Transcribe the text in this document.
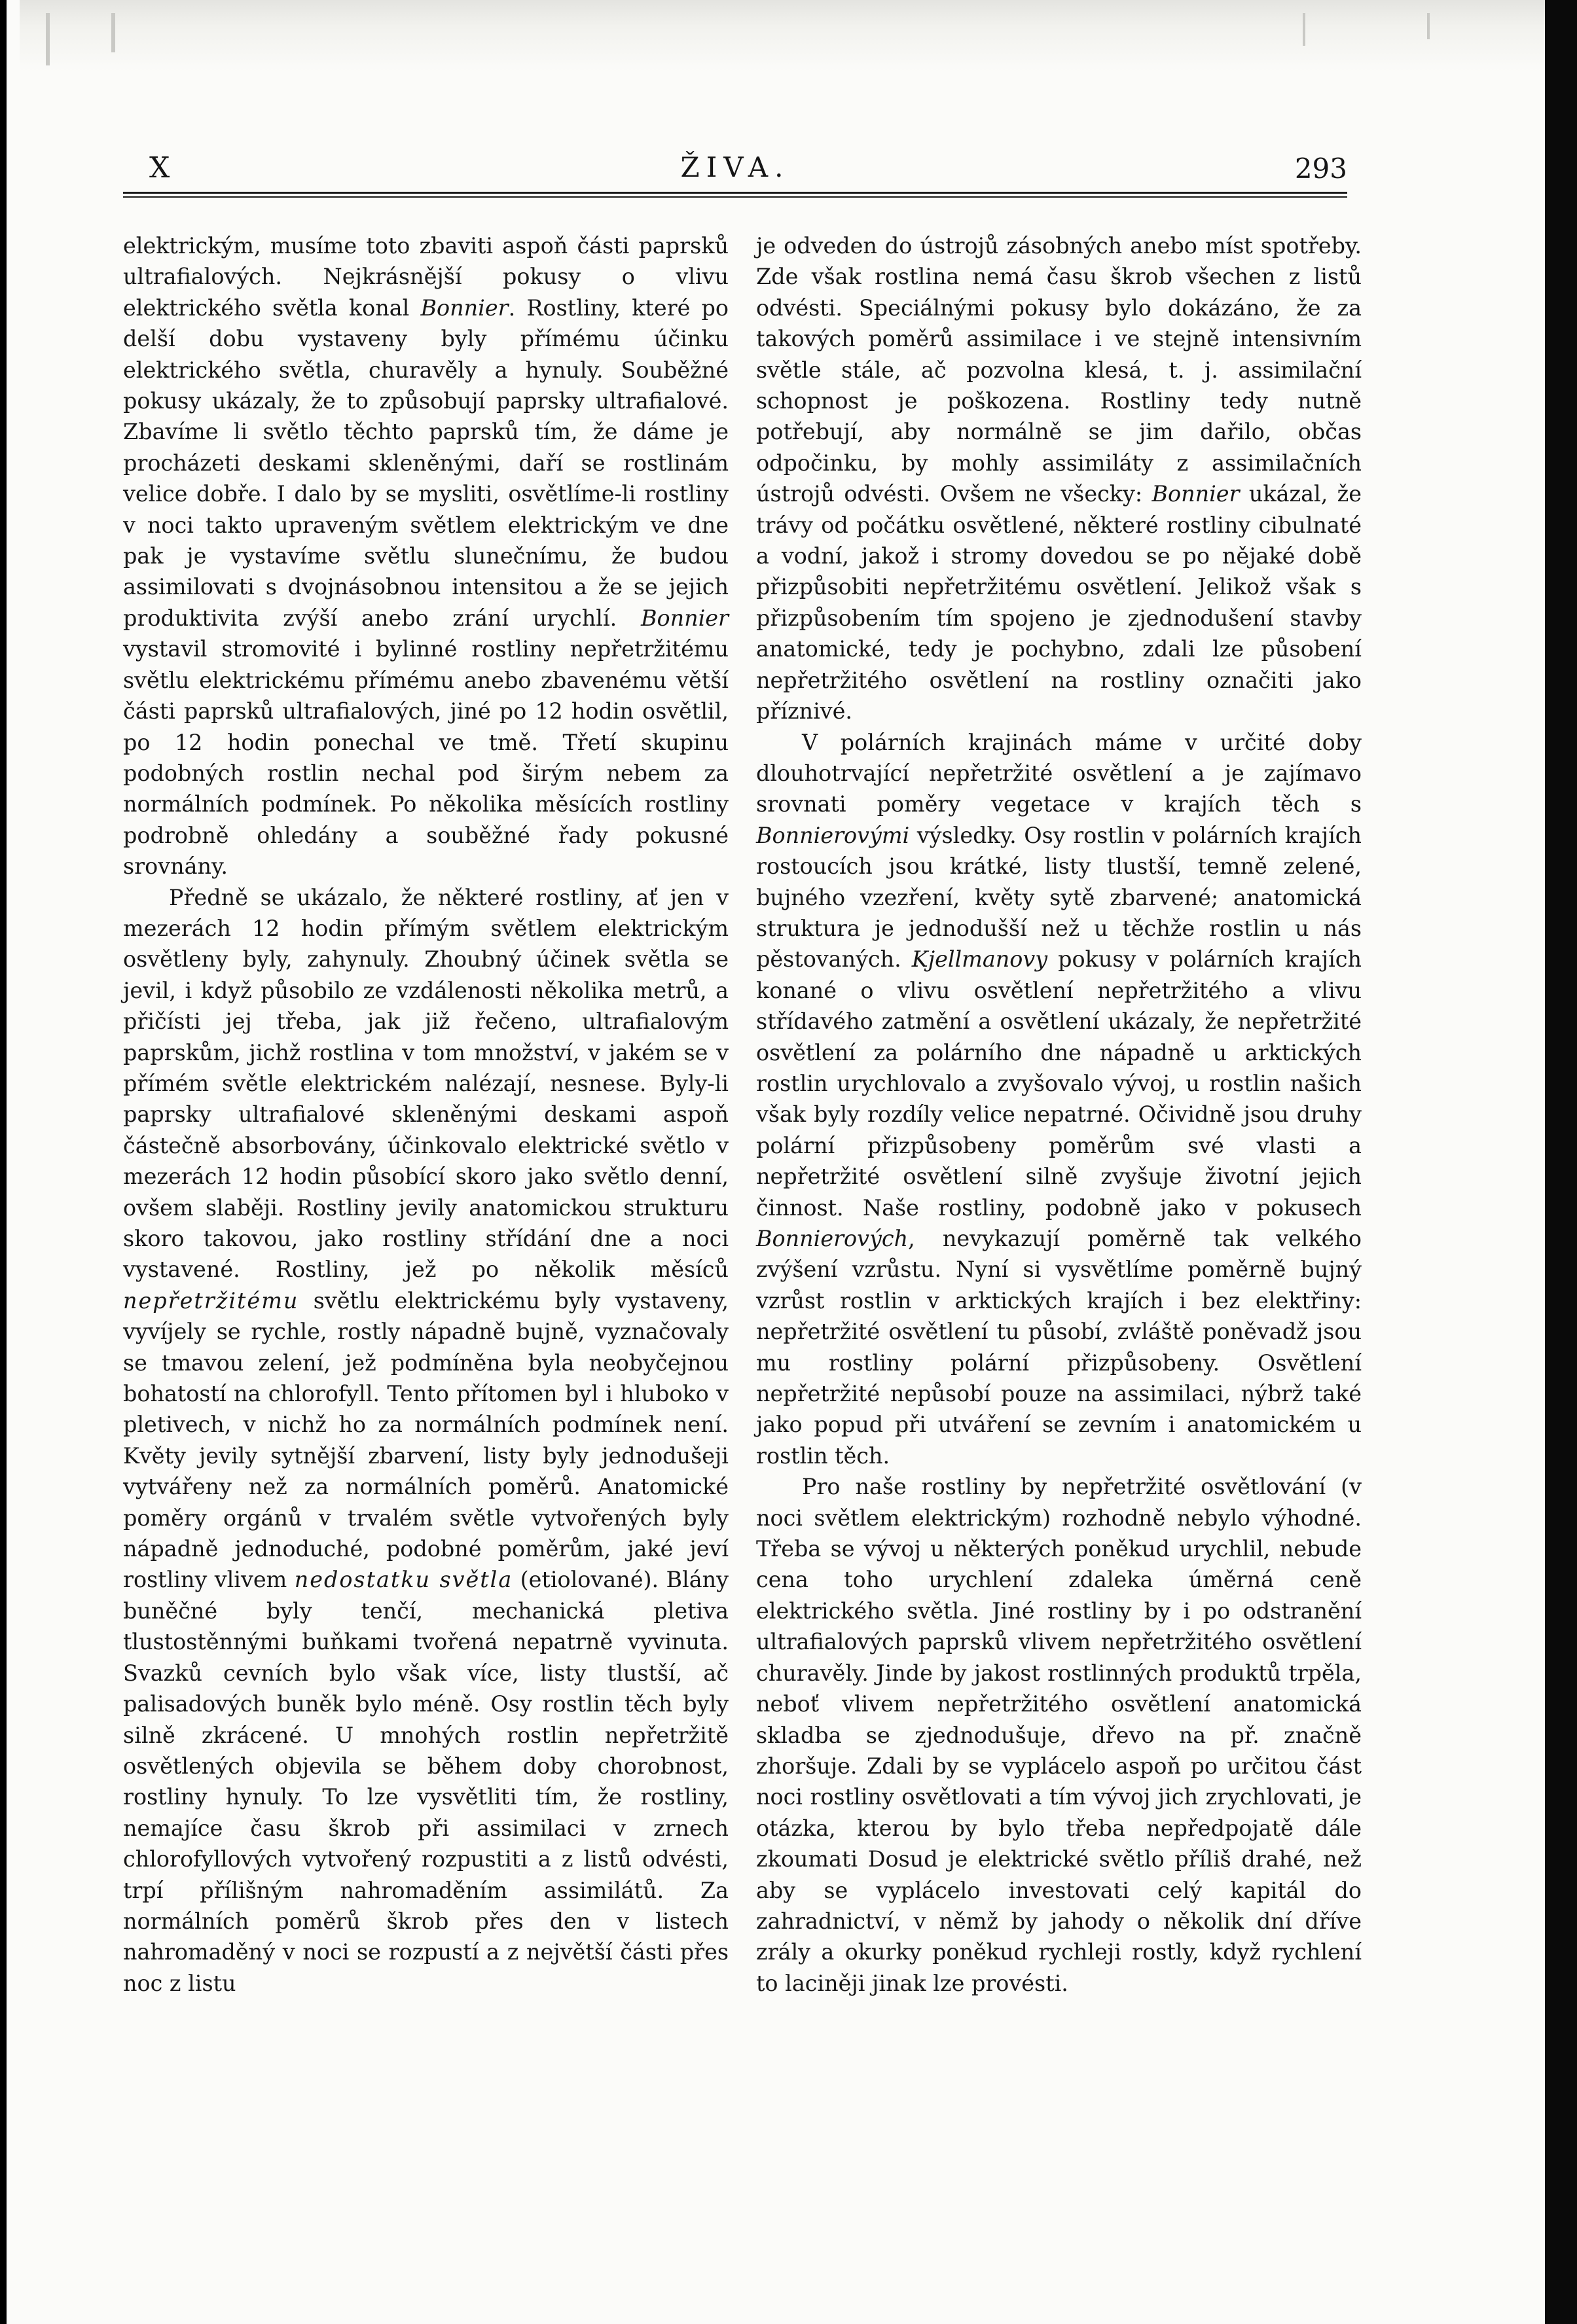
X	ŽIVA.	293

elektrickým, musíme toto zbaviti aspoň části paprsků ultrafialových. Nejkrásnější pokusy o vlivu elektrického světla konal Bonnier. Rostliny, které po delší dobu vystaveny byly přímému účinku elektrického světla, churavěly a hynuly. Souběžné pokusy ukázaly, že to způsobují paprsky ultrafialové. Zbavíme li světlo těchto paprsků tím, že dáme je procházeti deskami skleněnými, daří se rostlinám velice dobře. I dalo by se mysliti, osvětlíme-li rostliny v noci takto upraveným světlem elektrickým ve dne pak je vystavíme světlu slunečnímu, že budou assimilovati s dvojnásobnou intensitou a že se jejich produktivita zvýší anebo zrání urychlí. Bonnier vystavil stromovité i bylinné rostliny nepřetržitému světlu elektrickému přímému anebo zbavenému větší části paprsků ultrafialových, jiné po 12 hodin osvětlil, po 12 hodin ponechal ve tmě. Třetí skupinu podobných rostlin nechal pod širým nebem za normálních podmínek. Po několika měsících rostliny podrobně ohledány a souběžné řady pokusné srovnány.

Předně se ukázalo, že některé rostliny, ať jen v mezerách 12 hodin přímým světlem elektrickým osvětleny byly, zahynuly. Zhoubný účinek světla se jevil, i když působilo ze vzdálenosti několika metrů, a přičísti jej třeba, jak již řečeno, ultrafialovým paprskům, jichž rostlina v tom množství, v jakém se v přímém světle elektrickém nalézají, nesnese. Byly-li paprsky ultrafialové skleněnými deskami aspoň částečně absorbovány, účinkovalo elektrické světlo v mezerách 12 hodin působící skoro jako světlo denní, ovšem slaběji. Rostliny jevily anatomickou strukturu skoro takovou, jako rostliny střídání dne a noci vystavené. Rostliny, jež po několik měsíců nepřetržitému světlu elektrickému byly vystaveny, vyvíjely se rychle, rostly nápadně bujně, vyznačovaly se tmavou zelení, jež podmíněna byla neobyčejnou bohatostí na chlorofyll. Tento přítomen byl i hluboko v pletivech, v nichž ho za normálních podmínek není. Květy jevily sytnější zbarvení, listy byly jednodušeji vytvářeny než za normálních poměrů. Anatomické poměry orgánů v trvalém světle vytvořených byly nápadně jednoduché, podobné poměrům, jaké jeví rostliny vlivem nedostatku světla (etiolované). Blány buněčné byly tenčí, mechanická pletiva tlustostěnnými buňkami tvořená nepatrně vyvinuta. Svazků cevních bylo však více, listy tlustší, ač palisadových buněk bylo méně. Osy rostlin těch byly silně zkrácené. U mnohých rostlin nepřetržitě osvětlených objevila se během doby chorobnost, rostliny hynuly. To lze vysvětliti tím, že rostliny, nemajíce času škrob při assimilaci v zrnech chlorofyllových vytvořený rozpustiti a z listů odvésti, trpí přílišným nahromaděním assimilátů. Za normálních poměrů škrob přes den v listech nahromaděný v noci se rozpustí a z největší části přes noc z listu

je odveden do ústrojů zásobných anebo míst spotřeby. Zde však rostlina nemá času škrob všechen z listů odvésti. Speciálnými pokusy bylo dokázáno, že za takových poměrů assimilace i ve stejně intensivním světle stále, ač pozvolna klesá, t. j. assimilační schopnost je poškozena. Rostliny tedy nutně potřebují, aby normálně se jim dařilo, občas odpočinku, by mohly assimiláty z assimilačních ústrojů odvésti. Ovšem ne všecky: Bonnier ukázal, že trávy od počátku osvětlené, některé rostliny cibulnaté a vodní, jakož i stromy dovedou se po nějaké době přizpůsobiti nepřetržitému osvětlení. Jelikož však s přizpůsobením tím spojeno je zjednodušení stavby anatomické, tedy je pochybno, zdali lze působení nepřetržitého osvětlení na rostliny označiti jako příznivé.

V polárních krajinách máme v určité doby dlouhotrvající nepřetržité osvětlení a je zajímavo srovnati poměry vegetace v krajích těch s Bonnierovými výsledky. Osy rostlin v polárních krajích rostoucích jsou krátké, listy tlustší, temně zelené, bujného vzezření, květy sytě zbarvené; anatomická struktura je jednodušší než u těchže rostlin u nás pěstovaných. Kjellmanovy pokusy v polárních krajích konané o vlivu osvětlení nepřetržitého a vlivu střídavého zatmění a osvětlení ukázaly, že nepřetržité osvětlení za polárního dne nápadně u arktických rostlin urychlovalo a zvyšovalo vývoj, u rostlin našich však byly rozdíly velice nepatrné. Očividně jsou druhy polární přizpůsobeny poměrům své vlasti a nepřetržité osvětlení silně zvyšuje životní jejich činnost. Naše rostliny, podobně jako v pokusech Bonnierových, nevykazují poměrně tak velkého zvýšení vzrůstu. Nyní si vysvětlíme poměrně bujný vzrůst rostlin v arktických krajích i bez elektřiny: nepřetržité osvětlení tu působí, zvláště poněvadž jsou mu rostliny polární přizpůsobeny. Osvětlení nepřetržité nepůsobí pouze na assimilaci, nýbrž také jako popud při utváření se zevním i anatomickém u rostlin těch.

Pro naše rostliny by nepřetržité osvětlování (v noci světlem elektrickým) rozhodně nebylo výhodné. Třeba se vývoj u některých poněkud urychlil, nebude cena toho urychlení zdaleka úměrná ceně elektrického světla. Jiné rostliny by i po odstranění ultrafialových paprsků vlivem nepřetržitého osvětlení churavěly. Jinde by jakost rostlinných produktů trpěla, neboť vlivem nepřetržitého osvětlení anatomická skladba se zjednodušuje, dřevo na př. značně zhoršuje. Zdali by se vyplácelo aspoň po určitou část noci rostliny osvětlovati a tím vývoj jich zrychlovati, je otázka, kterou by bylo třeba nepředpojatě dále zkoumati Dosud je elektrické světlo příliš drahé, než aby se vyplácelo investovati celý kapitál do zahradnictví, v němž by jahody o několik dní dříve zrály a okurky poněkud rychleji rostly, když rychlení to laciněji jinak lze provésti.
